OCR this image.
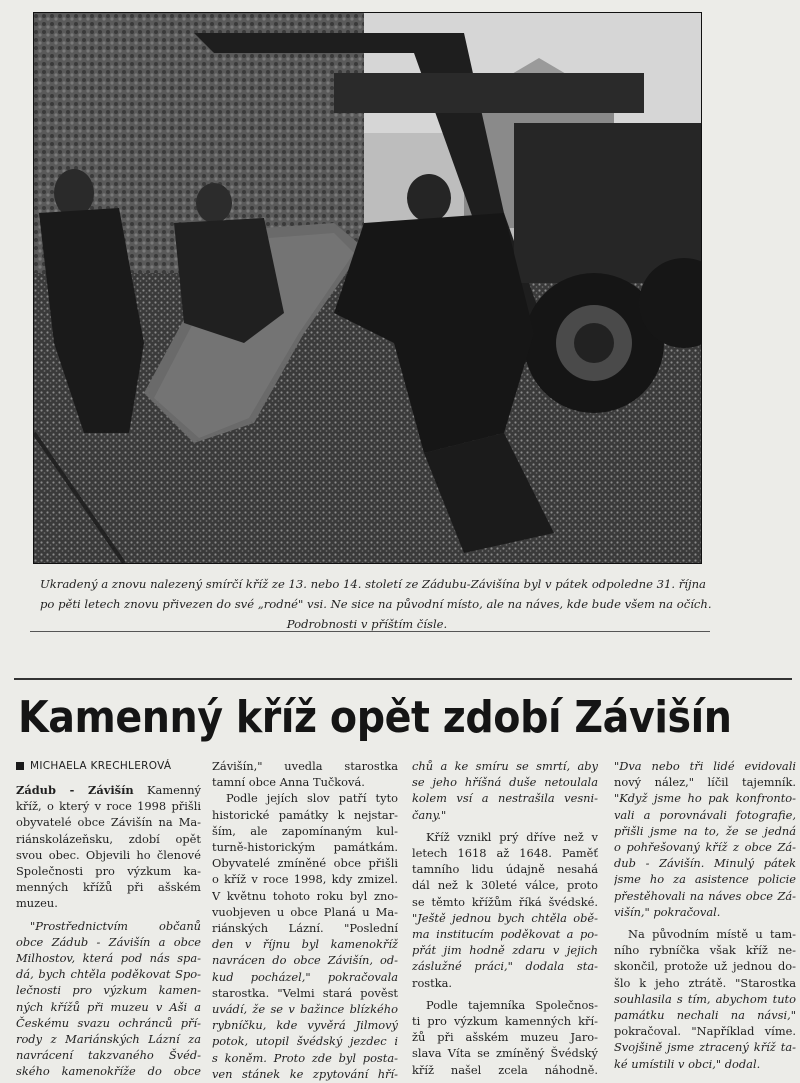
Ukradený a znovu nalezený smírčí kříž ze 13. nebo 14. století ze Zádubu-Závišína byl v pátek odpoledne 31. října
po pěti letech znovu přivezen do své „rodné" vsi. Ne sice na původní místo, ale na náves, kde bude všem na očích.
Podrobnosti v příštím čísle.
Kamenný kříž opět zdobí Závišín
MICHAELA KRECHLEROVÁ
Zádub - Závišín Kamenný
kříž, o který v roce 1998 přišli
obyvatelé obce Závišín na Ma-
riánskolázeňsku, zdobí opět
svou obec. Objevili ho členové
Společnosti pro výzkum ka-
menných křížů při ašském
muzeu.
"Prostřednictvím občanů
obce Zádub - Závišín a obce
Milhostov, která pod nás spa-
dá, bych chtěla poděkovat Spo-
lečnosti pro výzkum kamen-
ných křížů při muzeu v Aši a
Českému svazu ochránců pří-
rody z Mariánských Lázní za
navrácení takzvaného Švéd-
ského kamenokříže do obce
Závišín," uvedla starostka
tamní obce Anna Tučková.
Podle jejích slov patří tyto
historické památky k nejstar-
ším, ale zapomínaným kul-
turně-historickým památkám.
Obyvatelé zmíněné obce přišli
o kříž v roce 1998, kdy zmizel.
V květnu tohoto roku byl zno-
vuobjeven u obce Planá u Ma-
riánských Lázní. "Poslední
den v říjnu byl kamenokříž
navrácen do obce Závišín, od-
kud pocházel," pokračovala
starostka. "Velmi stará pověst
uvádí, že se v bažince blízkého
rybníčku, kde vyvěrá Jilmový
potok, utopil švédský jezdec i
s koněm. Proto zde byl posta-
ven stánek ke zpytování hří-
chů a ke smíru se smrtí, aby
se jeho hříšná duše netoulala
kolem vsí a nestrašila vesni-
čany."
Kříž vznikl prý dříve než v
letech 1618 až 1648. Paměť
tamního lidu údajně nesahá
dál než k 30leté válce, proto
se těmto křížům říká švédské.
"Ještě jednou bych chtěla obě-
ma institucím poděkovat a po-
přát jim hodně zdaru v jejich
záslužné práci," dodala sta-
rostka.
Podle tajemníka Společnos-
ti pro výzkum kamenných kří-
žů při ašském muzeu Jaro-
slava Víta se zmíněný Švédský
kříž našel zcela náhodně.
"Dva nebo tři lidé evidovali
nový nález," líčil tajemník.
"Když jsme ho pak konfronto-
vali a porovnávali fotografie,
přišli jsme na to, že se jedná
o pohřešovaný kříž z obce Zá-
dub - Závišín. Minulý pátek
jsme ho za asistence policie
přestěhovali na náves obce Zá-
višín," pokračoval.
Na původním místě u tam-
ního rybníčka však kříž ne-
skončil, protože už jednou do-
šlo k jeho ztrátě. "Starostka
souhlasila s tím, abychom tuto
památku nechali na návsi,"
pokračoval. "Například víme.
Svojšině jsme ztracený kříž ta-
ké umístili v obci," dodal.
